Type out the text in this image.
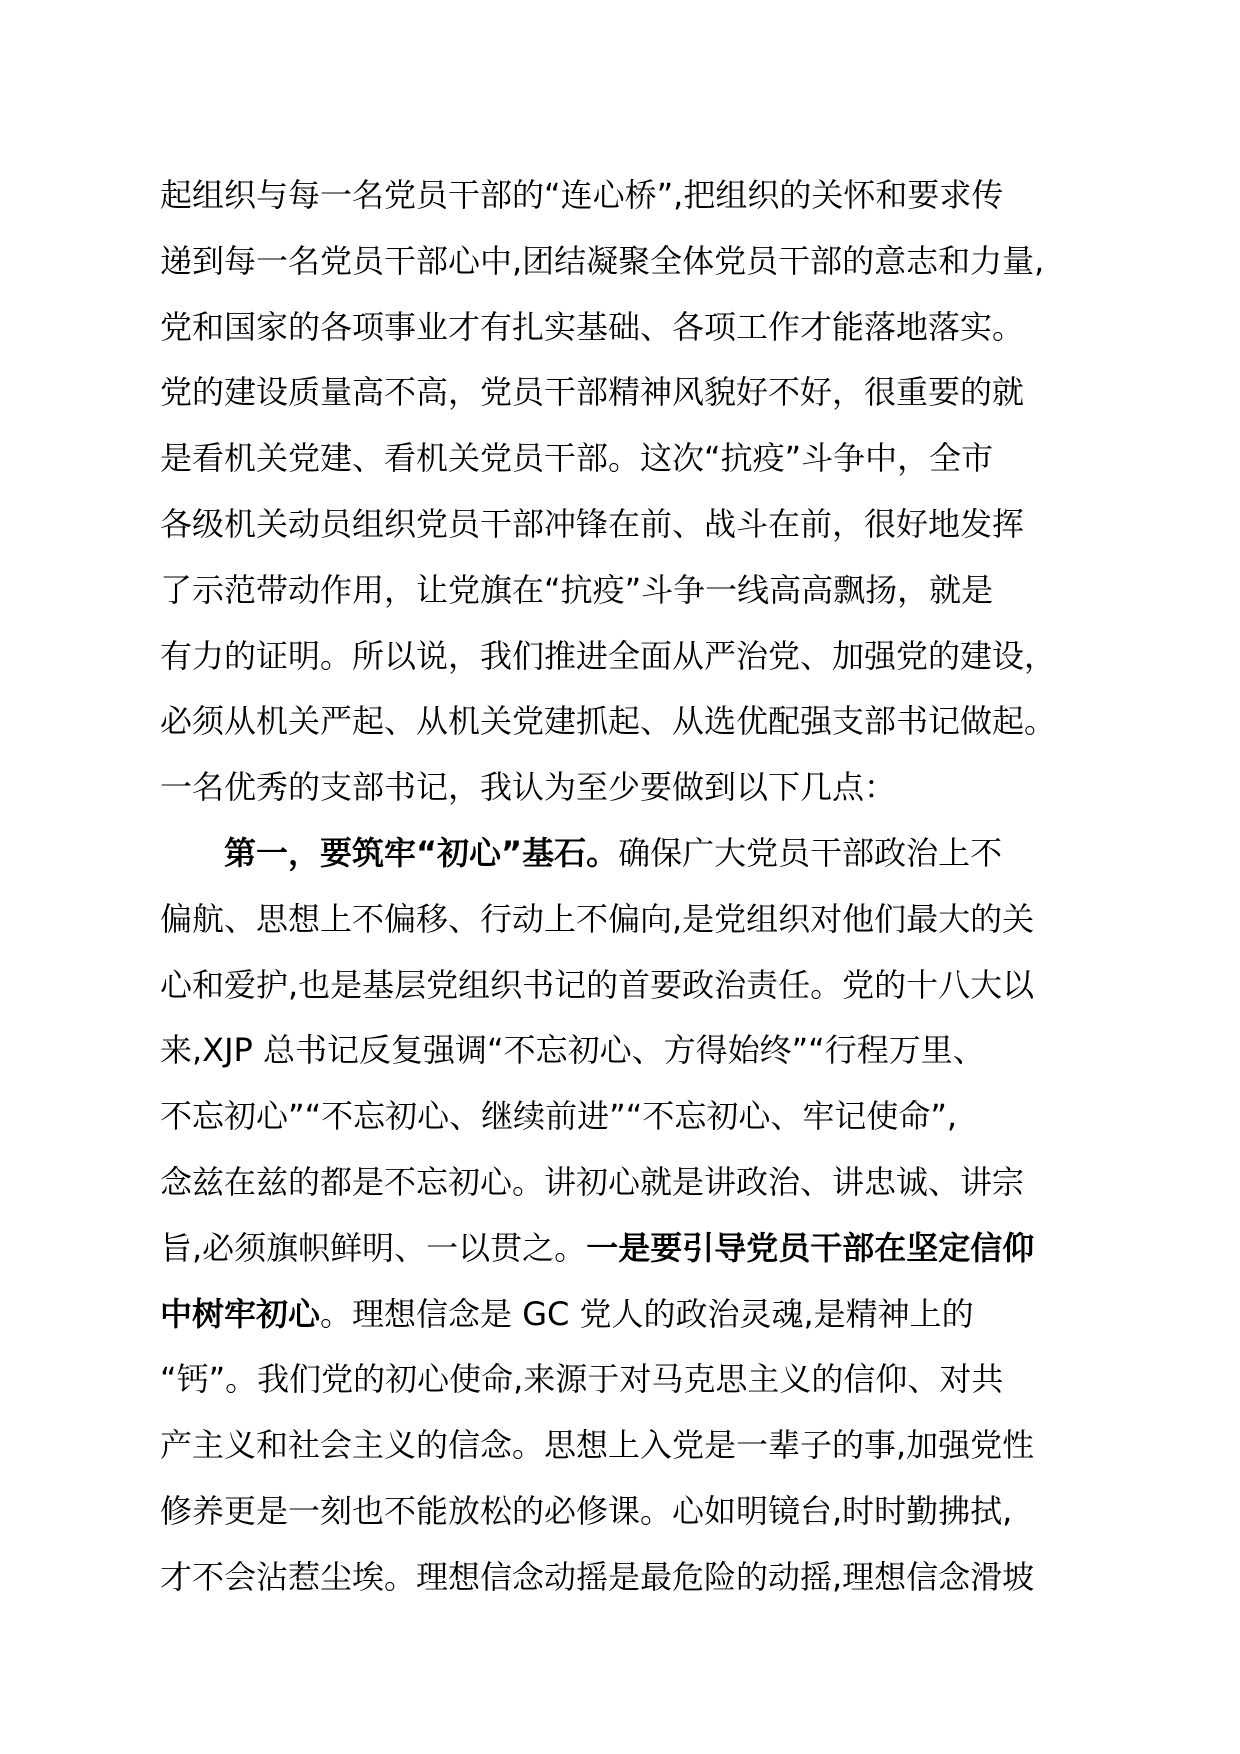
起组织与每一名党员干部的“连心桥”,把组织的关怀和要求传
递到每一名党员干部心中,团结凝聚全体党员干部的意志和力量,
党和国家的各项事业才有扎实基础、各项工作才能落地落实。
党的建设质量高不高，党员干部精神风貌好不好，很重要的就
是看机关党建、看机关党员干部。这次“抗疫”斗争中，全市
各级机关动员组织党员干部冲锋在前、战斗在前，很好地发挥
了示范带动作用，让党旗在“抗疫”斗争一线高高飘扬，就是
有力的证明。所以说，我们推进全面从严治党、加强党的建设，
必须从机关严起、从机关党建抓起、从选优配强支部书记做起。
一名优秀的支部书记，我认为至少要做到以下几点：
第一，要筑牢“初心”基石。确保广大党员干部政治上不
偏航、思想上不偏移、行动上不偏向,是党组织对他们最大的关
心和爱护,也是基层党组织书记的首要政治责任。党的十八大以
来,XJP 总书记反复强调“不忘初心、方得始终”“行程万里、
不忘初心”“不忘初心、继续前进”“不忘初心、牢记使命”,
念兹在兹的都是不忘初心。讲初心就是讲政治、讲忠诚、讲宗
旨,必须旗帜鲜明、一以贯之。一是要引导党员干部在坚定信仰
中树牢初心。理想信念是 GC 党人的政治灵魂,是精神上的
“钙”。我们党的初心使命,来源于对马克思主义的信仰、对共
产主义和社会主义的信念。思想上入党是一辈子的事,加强党性
修养更是一刻也不能放松的必修课。心如明镜台,时时勤拂拭,
才不会沾惹尘埃。理想信念动摇是最危险的动摇,理想信念滑坡
